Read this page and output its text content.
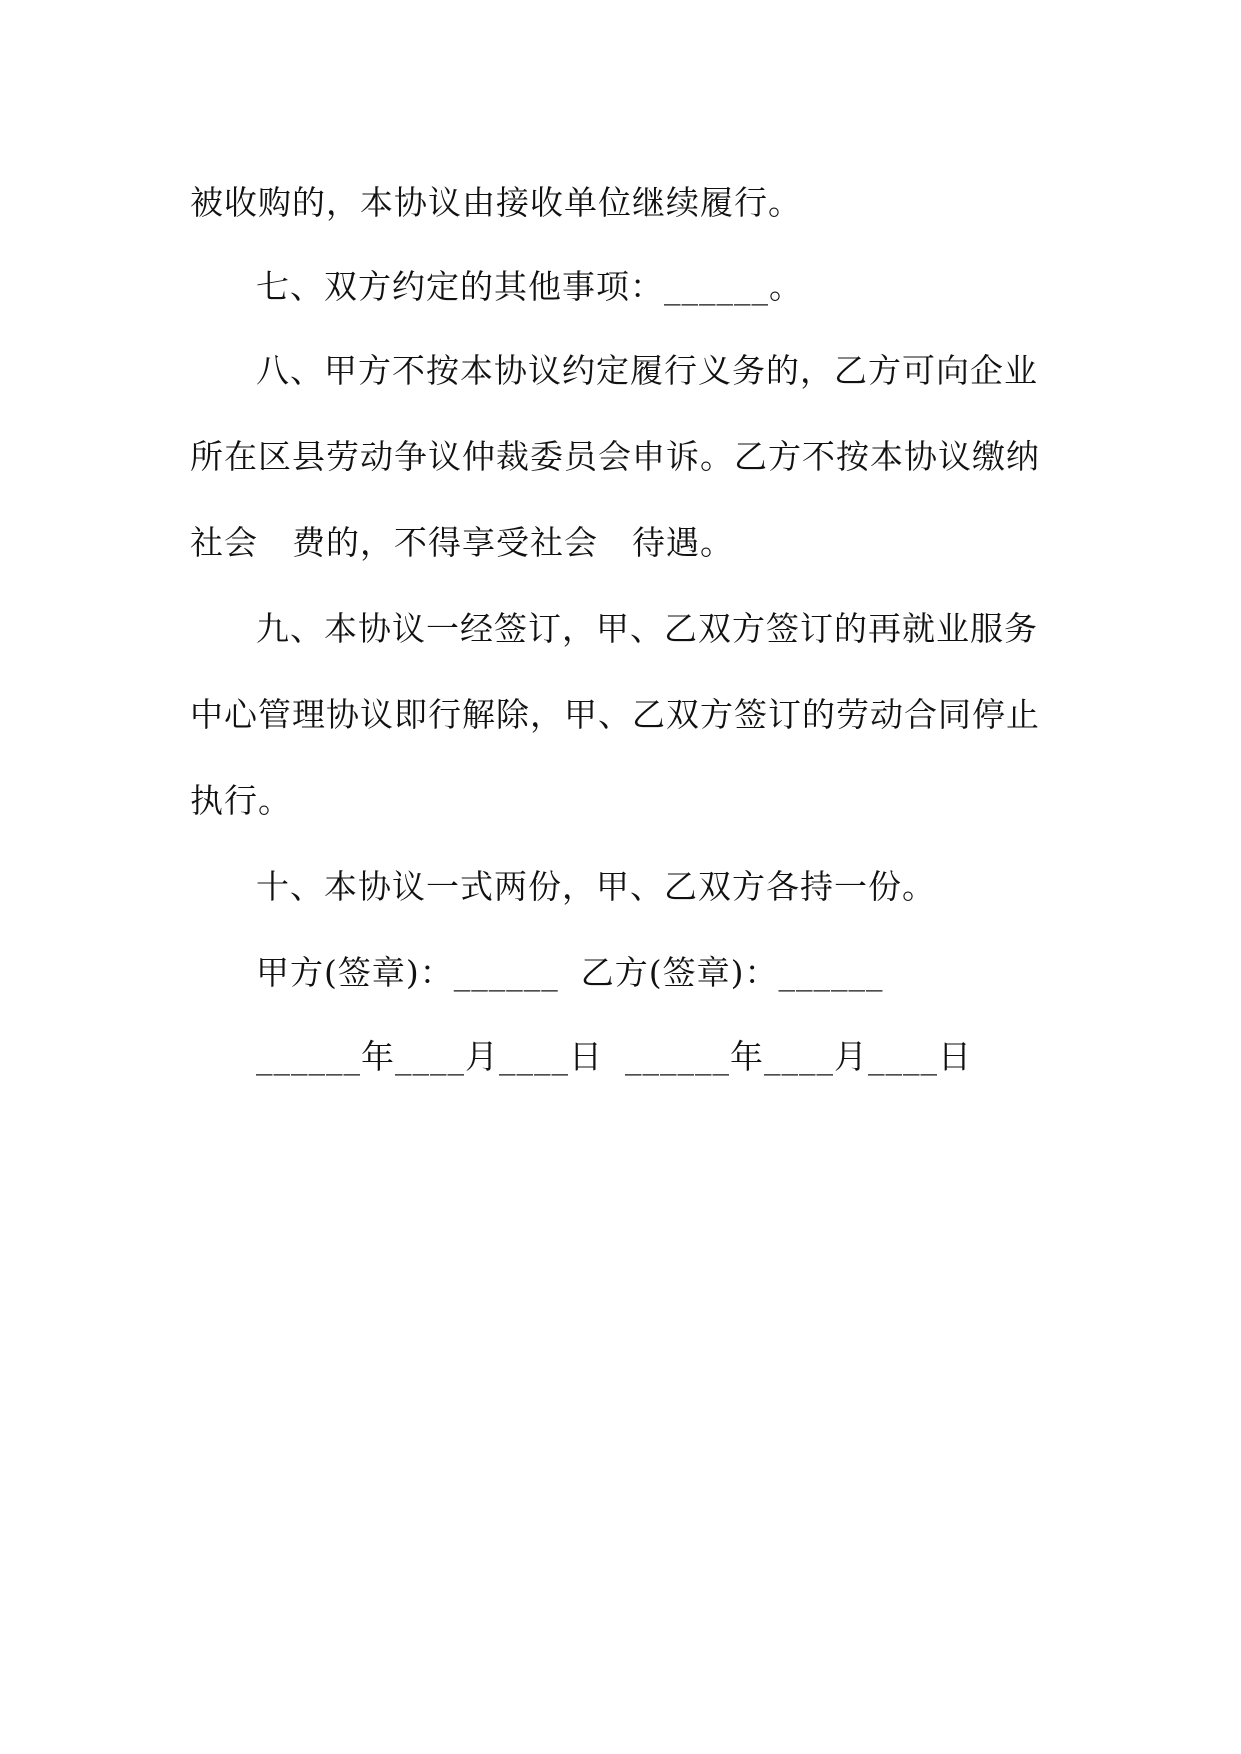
被收购的，本协议由接收单位继续履行。
七、双方约定的其他事项：______。
八、甲方不按本协议约定履行义务的，乙方可向企业
所在区县劳动争议仲裁委员会申诉。乙方不按本协议缴纳
社会 费的，不得享受社会 待遇。
九、本协议一经签订，甲、乙双方签订的再就业服务
中心管理协议即行解除，甲、乙双方签订的劳动合同停止
执行。
十、本协议一式两份，甲、乙双方各持一份。
甲方(签章)：______ 乙方(签章)：______
______年____月____日 ______年____月____日
